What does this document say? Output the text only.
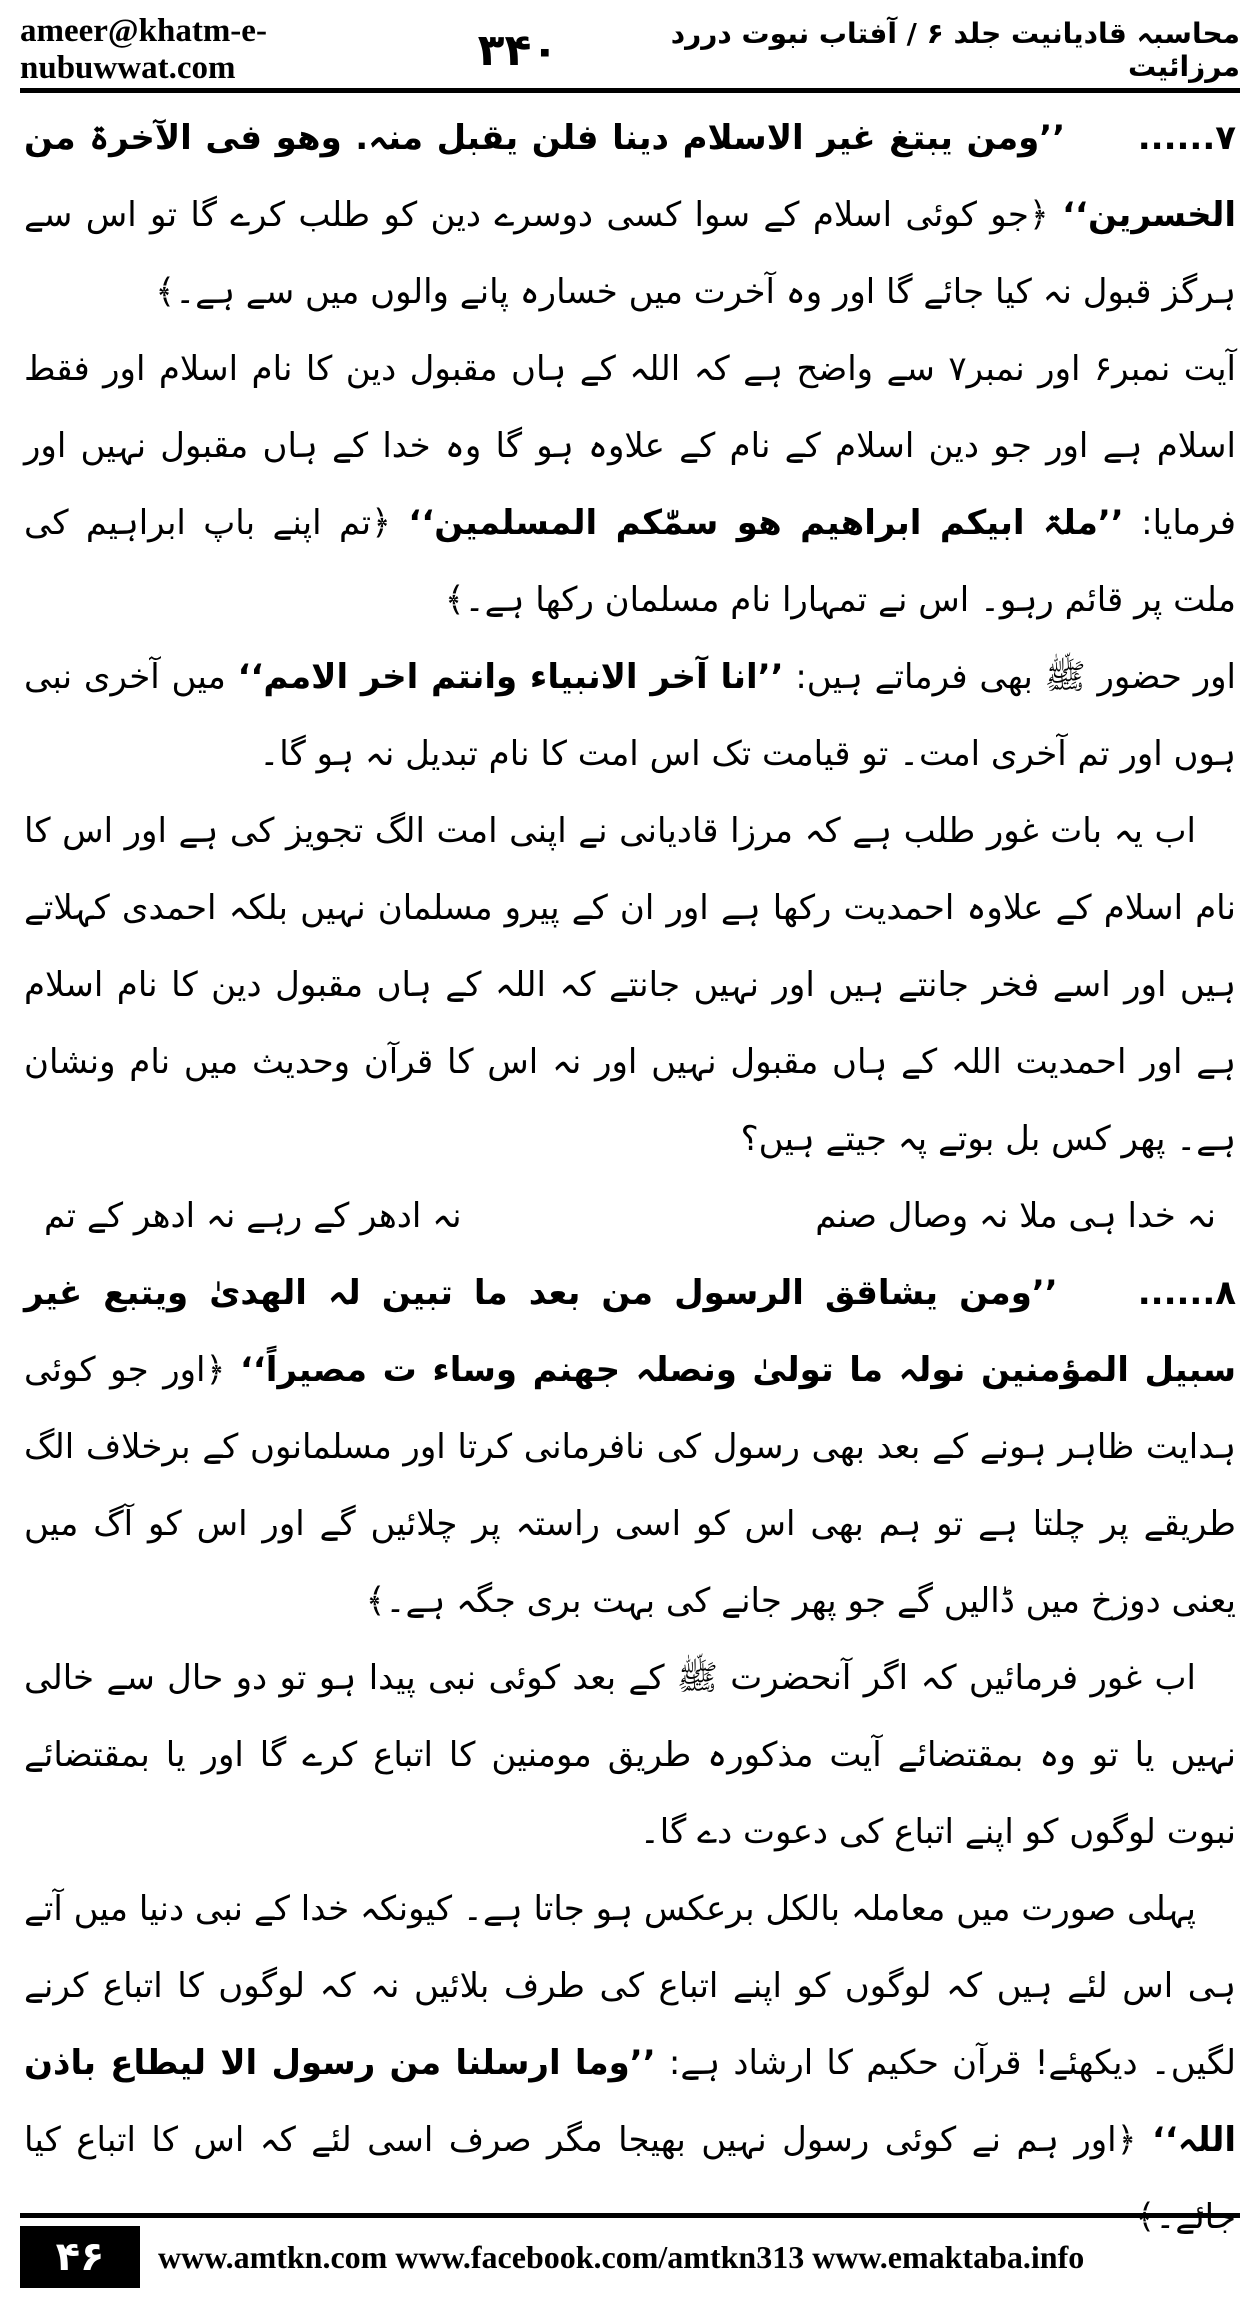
ameer@khatm-e-nubuwwat.com	۳۴۰	محاسبہ قادیانیت جلد ۶ / آفتاب نبوت دررد مرزائیت

۷...... ’’ومن یبتغ غیر الاسلام دینا فلن یقبل منہ. وھو فی الآخرۃ من الخسرین‘‘ ﴿جو کوئی اسلام کے سوا کسی دوسرے دین کو طلب کرے گا تو اس سے ہرگز قبول نہ کیا جائے گا اور وہ آخرت میں خسارہ پانے والوں میں سے ہے۔﴾

آیت نمبر۶ اور نمبر۷ سے واضح ہے کہ اللہ کے ہاں مقبول دین کا نام اسلام اور فقط اسلام ہے اور جو دین اسلام کے نام کے علاوہ ہو گا وہ خدا کے ہاں مقبول نہیں اور فرمایا: ’’ملۃ ابیکم ابراھیم ھو سمّٰکم المسلمین‘‘ ﴿تم اپنے باپ ابراہیم کی ملت پر قائم رہو۔ اس نے تمہارا نام مسلمان رکھا ہے۔﴾

اور حضور ﷺ بھی فرماتے ہیں: ’’انا آخر الانبیاء وانتم اخر الامم‘‘ میں آخری نبی ہوں اور تم آخری امت۔ تو قیامت تک اس امت کا نام تبدیل نہ ہو گا۔

اب یہ بات غور طلب ہے کہ مرزا قادیانی نے اپنی امت الگ تجویز کی ہے اور اس کا نام اسلام کے علاوہ احمدیت رکھا ہے اور ان کے پیرو مسلمان نہیں بلکہ احمدی کہلاتے ہیں اور اسے فخر جانتے ہیں اور نہیں جانتے کہ اللہ کے ہاں مقبول دین کا نام اسلام ہے اور احمدیت اللہ کے ہاں مقبول نہیں اور نہ اس کا قرآن وحدیث میں نام ونشان ہے۔ پھر کس بل بوتے پہ جیتے ہیں؟

نہ خدا ہی ملا نہ وصال صنم
نہ ادھر کے رہے نہ ادھر کے تم

۸...... ’’ومن یشاقق الرسول من بعد ما تبین لہ الھدیٰ ویتبع غیر سبیل المؤمنین نولہ ما تولیٰ ونصلہ جھنم وساء ت مصیراً‘‘ ﴿اور جو کوئی ہدایت ظاہر ہونے کے بعد بھی رسول کی نافرمانی کرتا اور مسلمانوں کے برخلاف الگ طریقے پر چلتا ہے تو ہم بھی اس کو اسی راستہ پر چلائیں گے اور اس کو آگ میں یعنی دوزخ میں ڈالیں گے جو پھر جانے کی بہت بری جگہ ہے۔﴾

اب غور فرمائیں کہ اگر آنحضرت ﷺ کے بعد کوئی نبی پیدا ہو تو دو حال سے خالی نہیں یا تو وہ بمقتضائے آیت مذکورہ طریق مومنین کا اتباع کرے گا اور یا بمقتضائے نبوت لوگوں کو اپنے اتباع کی دعوت دے گا۔

پہلی صورت میں معاملہ بالکل برعکس ہو جاتا ہے۔ کیونکہ خدا کے نبی دنیا میں آتے ہی اس لئے ہیں کہ لوگوں کو اپنے اتباع کی طرف بلائیں نہ کہ لوگوں کا اتباع کرنے لگیں۔ دیکھئے! قرآن حکیم کا ارشاد ہے: ’’وما ارسلنا من رسول الا لیطاع باذن اللہ‘‘ ﴿اور ہم نے کوئی رسول نہیں بھیجا مگر صرف اسی لئے کہ اس کا اتباع کیا جائے۔﴾

۴۶	www.amtkn.com www.facebook.com/amtkn313 www.emaktaba.info
